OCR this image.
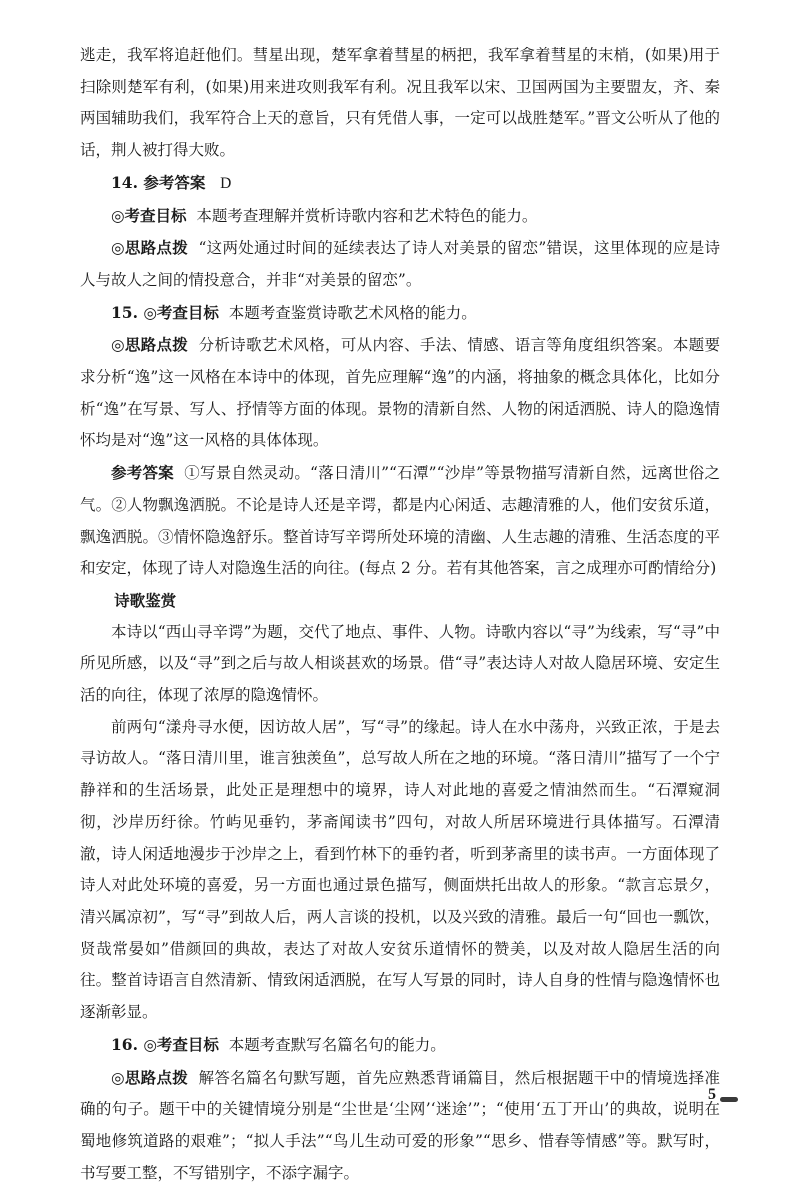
逃走，我军将追赶他们。彗星出现，楚军拿着彗星的柄把，我军拿着彗星的末梢，(如果)用于扫除则楚军有利，(如果)用来进攻则我军有利。况且我军以宋、卫国两国为主要盟友，齐、秦两国辅助我们，我军符合上天的意旨，只有凭借人事，一定可以战胜楚军。”晋文公听从了他的话，荆人被打得大败。

14. 参考答案 D

◎考查目标 本题考查理解并赏析诗歌内容和艺术特色的能力。

◎思路点拨 “这两处通过时间的延续表达了诗人对美景的留恋”错误，这里体现的应是诗人与故人之间的情投意合，并非“对美景的留恋”。

15. ◎考查目标 本题考查鉴赏诗歌艺术风格的能力。

◎思路点拨 分析诗歌艺术风格，可从内容、手法、情感、语言等角度组织答案。本题要求分析“逸”这一风格在本诗中的体现，首先应理解“逸”的内涵，将抽象的概念具体化，比如分析“逸”在写景、写人、抒情等方面的体现。景物的清新自然、人物的闲适洒脱、诗人的隐逸情怀均是对“逸”这一风格的具体体现。

参考答案 ①写景自然灵动。“落日清川”“石潭”“沙岸”等景物描写清新自然，远离世俗之气。②人物飘逸洒脱。不论是诗人还是辛谔，都是内心闲适、志趣清雅的人，他们安贫乐道，飘逸洒脱。③情怀隐逸舒乐。整首诗写辛谔所处环境的清幽、人生志趣的清雅、生活态度的平和安定，体现了诗人对隐逸生活的向往。(每点 2 分。若有其他答案，言之成理亦可酌情给分)

诗歌鉴赏

本诗以“西山寻辛谔”为题，交代了地点、事件、人物。诗歌内容以“寻”为线索，写“寻”中所见所感，以及“寻”到之后与故人相谈甚欢的场景。借“寻”表达诗人对故人隐居环境、安定生活的向往，体现了浓厚的隐逸情怀。

前两句“漾舟寻水便，因访故人居”，写“寻”的缘起。诗人在水中荡舟，兴致正浓，于是去寻访故人。“落日清川里，谁言独羡鱼”，总写故人所在之地的环境。“落日清川”描写了一个宁静祥和的生活场景，此处正是理想中的境界，诗人对此地的喜爱之情油然而生。“石潭窥洞彻，沙岸历纡徐。竹屿见垂钓，茅斋闻读书”四句，对故人所居环境进行具体描写。石潭清澈，诗人闲适地漫步于沙岸之上，看到竹林下的垂钓者，听到茅斋里的读书声。一方面体现了诗人对此处环境的喜爱，另一方面也通过景色描写，侧面烘托出故人的形象。“款言忘景夕，清兴属凉初”，写“寻”到故人后，两人言谈的投机，以及兴致的清雅。最后一句“回也一瓢饮，贤哉常晏如”借颜回的典故，表达了对故人安贫乐道情怀的赞美，以及对故人隐居生活的向往。整首诗语言自然清新、情致闲适洒脱，在写人写景的同时，诗人自身的性情与隐逸情怀也逐渐彰显。

16. ◎考查目标 本题考查默写名篇名句的能力。

◎思路点拨 解答名篇名句默写题，首先应熟悉背诵篇目，然后根据题干中的情境选择准确的句子。题干中的关键情境分别是“尘世是‘尘网’‘迷途’”；“使用‘五丁开山’的典故，说明在蜀地修筑道路的艰难”；“拟人手法”“鸟儿生动可爱的形象”“思乡、惜春等情感”等。默写时，书写要工整，不写错别字，不添字漏字。

5
